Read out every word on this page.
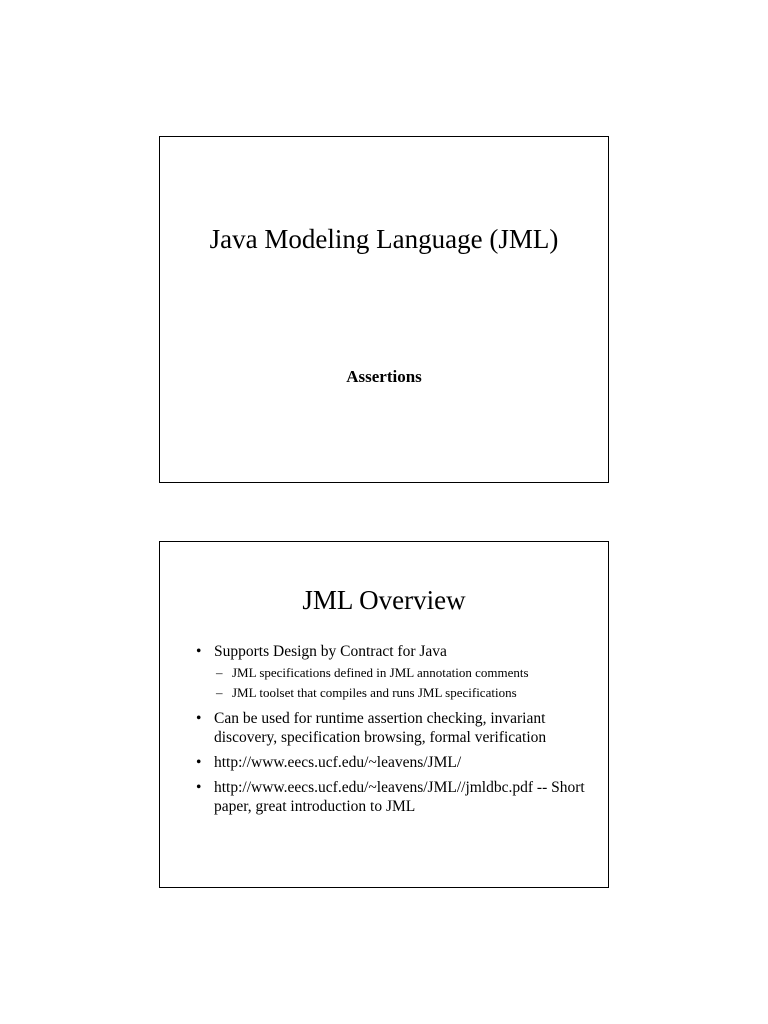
Java Modeling Language (JML)
Assertions
JML Overview
• Supports Design by Contract for Java
– JML specifications defined in JML annotation comments
– JML toolset that compiles and runs JML specifications
• Can be used for runtime assertion checking, invariant discovery, specification browsing, formal verification
• http://www.eecs.ucf.edu/~leavens/JML/
• http://www.eecs.ucf.edu/~leavens/JML//jmldbc.pdf -- Short paper, great introduction to JML
